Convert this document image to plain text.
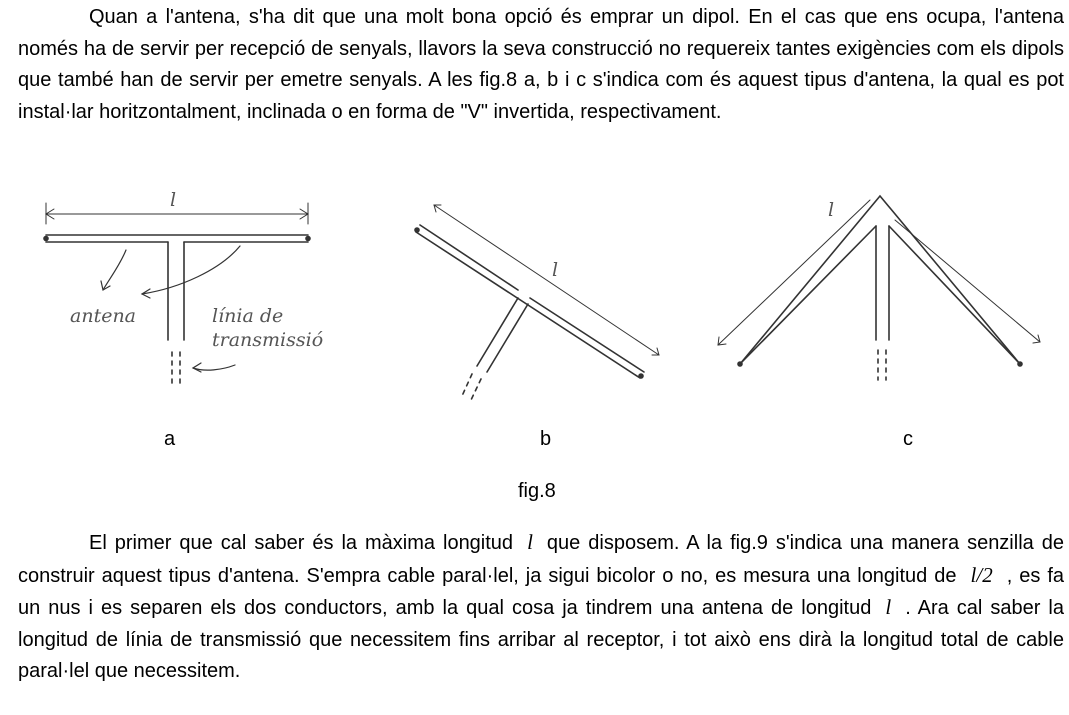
Quan a l'antena, s'ha dit que una molt bona opció és emprar un dipol. En el cas que ens ocupa, l'antena només ha de servir per recepció de senyals, llavors la seva construcció no requereix tantes exigències com els dipols que també han de servir per emetre senyals. A les fig.8 a, b i c s'indica com és aquest tipus d'antena, la qual es pot instal·lar horitzontalment, inclinada o en forma de "V" invertida, respectivament.

l
antena	línia de
transmissió
l
l
a	b	c
fig.8

El primer que cal saber és la màxima longitud l que disposem. A la fig.9 s'indica una manera senzilla de construir aquest tipus d'antena. S'empra cable paral·lel, ja sigui bicolor o no, es mesura una longitud de l/2 , es fa un nus i es separen els dos conductors, amb la qual cosa ja tindrem una antena de longitud l . Ara cal saber la longitud de línia de transmissió que necessitem fins arribar al receptor, i tot això ens dirà la longitud total de cable paral·lel que necessitem.
